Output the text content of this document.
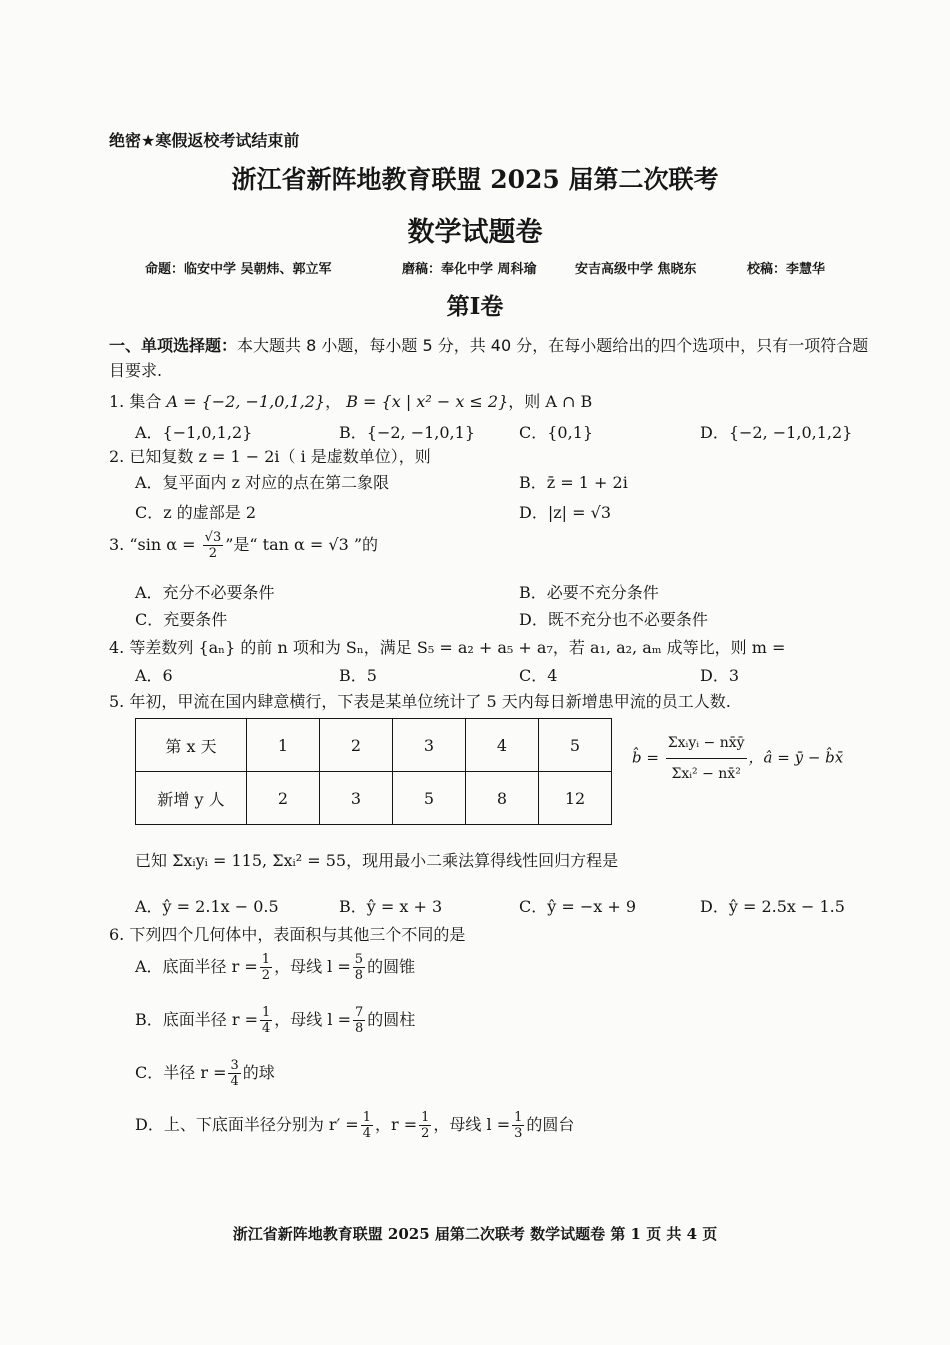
绝密★寒假返校考试结束前
浙江省新阵地教育联盟 2025 届第二次联考
数学试题卷
命题：临安中学 吴朝炜、郭立军	磨稿：奉化中学 周科瑜	安吉高级中学 焦晓东	校稿：李慧华
第Ⅰ卷
一、单项选择题：本大题共 8 小题，每小题 5 分，共 40 分，在每小题给出的四个选项中，只有一项符合题目要求.
1. 集合 A = {−2, −1,0,1,2}， B = {x | x² − x ≤ 2}，则 A ∩ B
A．{−1,0,1,2}	B．{−2, −1,0,1}	C．{0,1}	D．{−2, −1,0,1,2}
2. 已知复数 z = 1 − 2i（ i 是虚数单位），则
A．复平面内 z 对应的点在第二象限	B．z̄ = 1 + 2i
C．z 的虚部是 2	D．|z| = √3
3. “sin $\alpha = \frac{√3}{2}$ ”是“ tan α = √3 ”的
A．充分不必要条件	B．必要不充分条件
C．充要条件	D．既不充分也不必要条件
4. 等差数列 {aₙ} 的前 n 项和为 Sₙ，满足 S₅ = a₂ + a₅ + a₇，若 a₁, a₂, aₘ 成等比，则 m =
A．6	B．5	C．4	D．3
5. 年初，甲流在国内肆意横行，下表是某单位统计了 5 天内每日新增患甲流的员工人数.
第 x 天	1	2	3	4	5
新增 y 人	2	3	5	8	12
b̂ = $\frac{\text{Σxᵢyᵢ − nx̄ȳ}}{\text{Σxᵢ² − nx̄²}}$ ，â = ȳ − b̂x̄
已知 Σxᵢyᵢ = 115, Σxᵢ² = 55，现用最小二乘法算得线性回归方程是
A．ŷ = 2.1x − 0.5	B．ŷ = x + 3	C．ŷ = −x + 9	D．ŷ = 2.5x − 1.5
6. 下列四个几何体中，表面积与其他三个不同的是
A．底面半径 $r = \frac{1}{2}$ ，母线 $l = \frac{5}{8}$ 的圆锥
B．底面半径 $r = \frac{1}{4}$ ，母线 $l = \frac{7}{8}$ 的圆柱
C．半径 $r = \frac{3}{4}$ 的球
D．上、下底面半径分别为 $r' = \frac{1}{4}$ ，$r = \frac{1}{2}$ ，母线 $l = \frac{1}{3}$ 的圆台
浙江省新阵地教育联盟 2025 届第二次联考 数学试题卷 第 1 页 共 4 页
